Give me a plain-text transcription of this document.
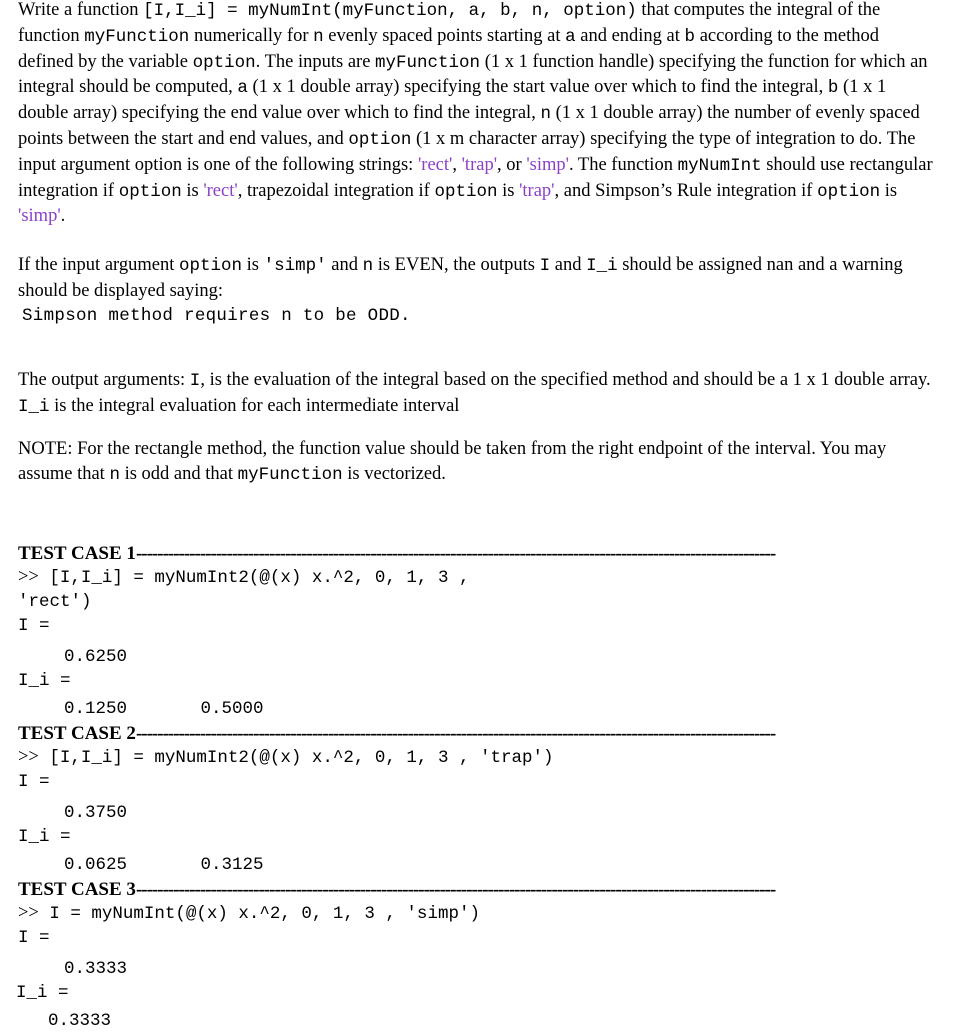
Write a function [I,I_i] = myNumInt(myFunction, a, b, n, option) that computes the integral of the function myFunction numerically for n evenly spaced points starting at a and ending at b according to the method defined by the variable option. The inputs are myFunction (1 x 1 function handle) specifying the function for which an integral should be computed, a (1 x 1 double array) specifying the start value over which to find the integral, b (1 x 1 double array) specifying the end value over which to find the integral, n (1 x 1 double array) the number of evenly spaced points between the start and end values, and option (1 x m character array) specifying the type of integration to do. The input argument option is one of the following strings: 'rect', 'trap', or 'simp'. The function myNumInt should use rectangular integration if option is 'rect', trapezoidal integration if option is 'trap', and Simpson’s Rule integration if option is 'simp'.

If the input argument option is 'simp' and n is EVEN, the outputs I and I_i should be assigned nan and a warning should be displayed saying:

Simpson method requires n to be ODD.

The output arguments: I, is the evaluation of the integral based on the specified method and should be a 1 x 1 double array. I_i is the integral evaluation for each intermediate interval

NOTE: For the rectangle method, the function value should be taken from the right endpoint of the interval. You may assume that n is odd and that myFunction is vectorized.

TEST CASE 1------------------------------------------------------------------------------------------------------------------------

>> [I,I_i] = myNumInt2(@(x) x.^2, 0, 1, 3 ,

'rect')

I =

0.6250

I_i =

0.1250       0.5000

TEST CASE 2------------------------------------------------------------------------------------------------------------------------

>> [I,I_i] = myNumInt2(@(x) x.^2, 0, 1, 3 , 'trap')

I =

0.3750

I_i =

0.0625       0.3125

TEST CASE 3------------------------------------------------------------------------------------------------------------------------

>> I = myNumInt(@(x) x.^2, 0, 1, 3 , 'simp')

I =

0.3333

I_i =

0.3333
